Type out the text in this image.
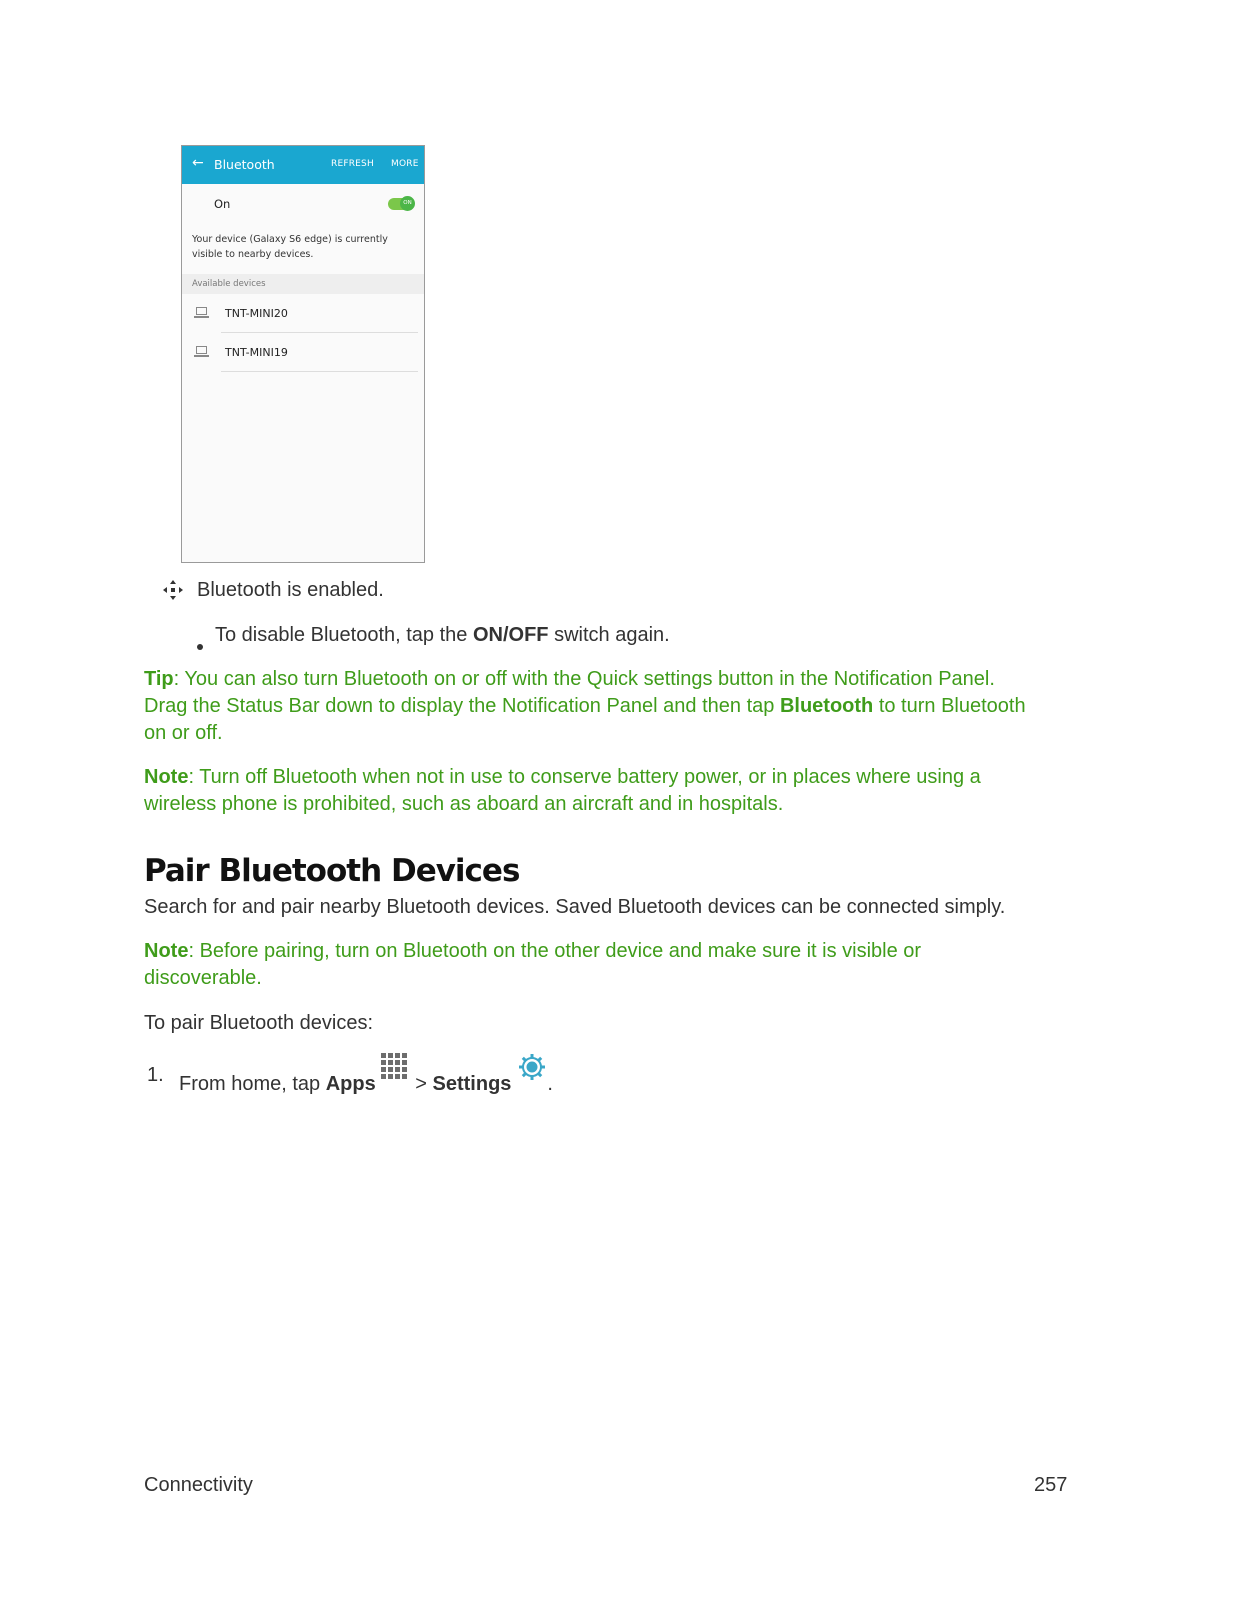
← Bluetooth	REFRESH MORE
On	ON
Your device (Galaxy S6 edge) is currently
visible to nearby devices.
Available devices
TNT-MINI20
TNT-MINI19
Bluetooth is enabled.
To disable Bluetooth, tap the ON/OFF switch again.
Tip: You can also turn Bluetooth on or off with the Quick settings button in the Notification Panel.
Drag the Status Bar down to display the Notification Panel and then tap Bluetooth to turn Bluetooth
on or off.
Note: Turn off Bluetooth when not in use to conserve battery power, or in places where using a
wireless phone is prohibited, such as aboard an aircraft and in hospitals.
Pair Bluetooth Devices
Search for and pair nearby Bluetooth devices. Saved Bluetooth devices can be connected simply.
Note: Before pairing, turn on Bluetooth on the other device and make sure it is visible or
discoverable.
To pair Bluetooth devices:
1. From home, tap Apps > Settings .
Connectivity	257
